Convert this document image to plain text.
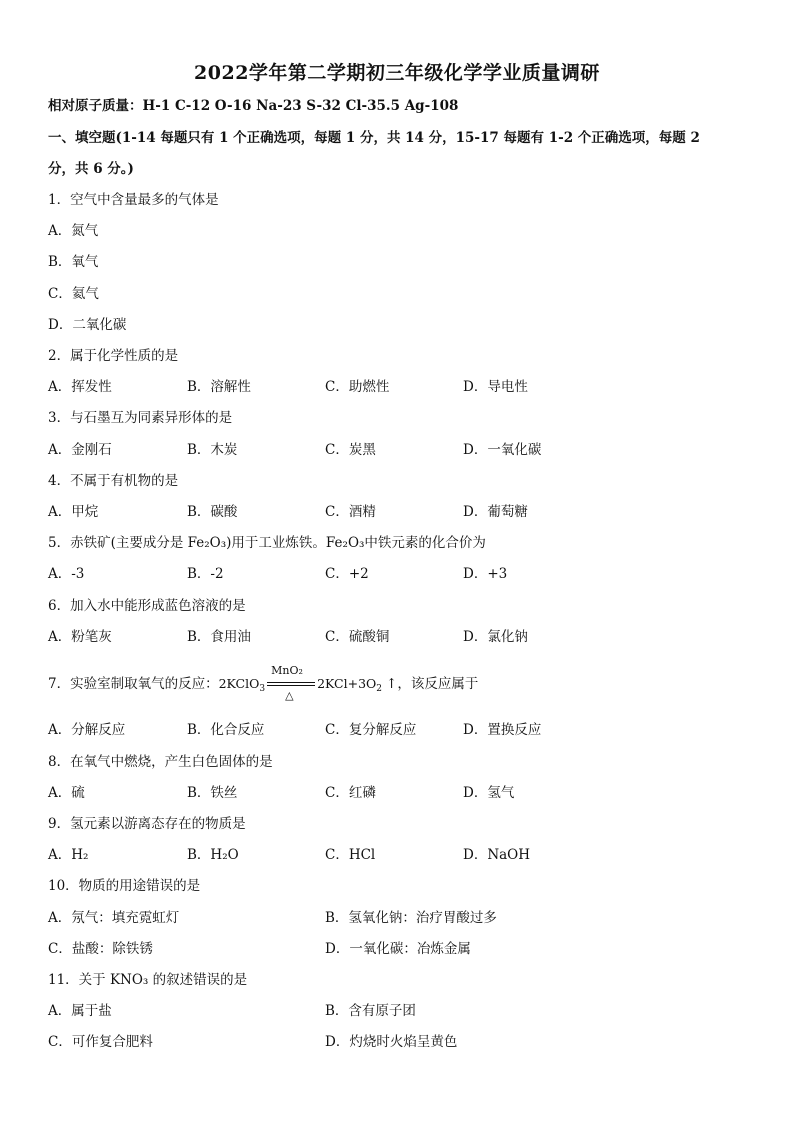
2022学年第二学期初三年级化学学业质量调研
相对原子质量：H-1 C-12 O-16 Na-23 S-32 Cl-35.5 Ag-108
一、填空题(1-14 每题只有 1 个正确选项，每题 1 分，共 14 分，15-17 每题有 1-2 个正确选项，每题 2
分，共 6 分。)
1．空气中含量最多的气体是
A．氮气
B．氧气
C．氦气
D．二氧化碳
2．属于化学性质的是
A．挥发性	B．溶解性	C．助燃性	D．导电性
3．与石墨互为同素异形体的是
A．金刚石	B．木炭	C．炭黑	D．一氧化碳
4．不属于有机物的是
A．甲烷	B．碳酸	C．酒精	D．葡萄糖
5．赤铁矿(主要成分是 Fe₂O₃)用于工业炼铁。Fe₂O₃中铁元素的化合价为
A．-3	B．-2	C．+2	D．+3
6．加入水中能形成蓝色溶液的是
A．粉笔灰	B．食用油	C．硫酸铜	D．氯化钠
7．实验室制取氧气的反应：2KClO$_3$
MnO₂
△
$2KCl+3O_2$ ↑，该反应属于
A．分解反应	B．化合反应	C．复分解反应	D．置换反应
8．在氧气中燃烧，产生白色固体的是
A．硫	B．铁丝	C．红磷	D．氢气
9．氢元素以游离态存在的物质是
A．H₂	B．H₂O	C．HCl	D．NaOH
10．物质的用途错误的是
A．氖气：填充霓虹灯	B．氢氧化钠：治疗胃酸过多
C．盐酸：除铁锈	D．一氧化碳：冶炼金属
11．关于 KNO₃ 的叙述错误的是
A．属于盐	B．含有原子团
C．可作复合肥料	D．灼烧时火焰呈黄色
